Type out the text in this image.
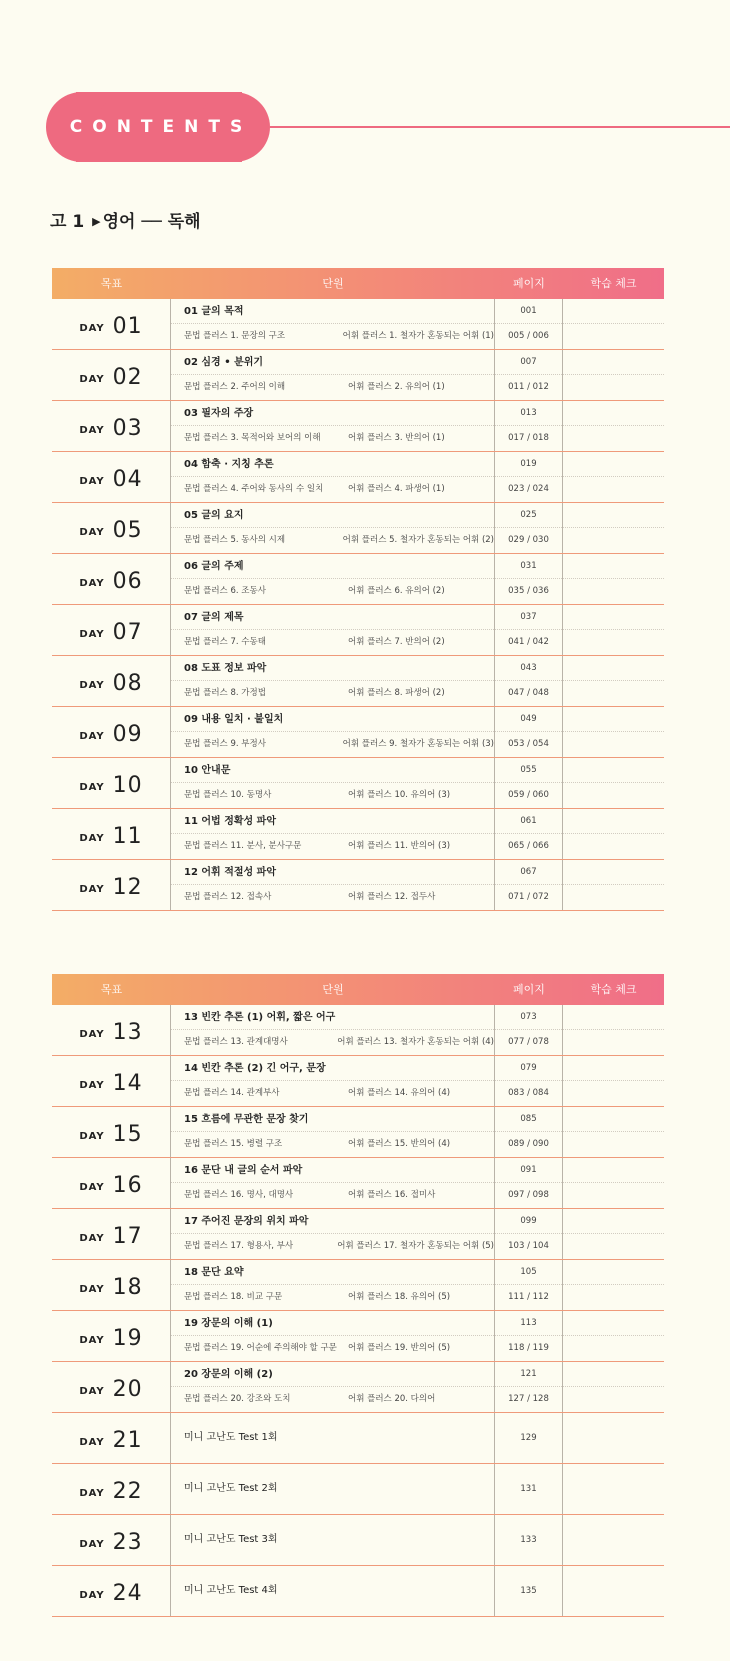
CONTENTS
고 1 ▶ 영어 ── 독해
목표	단원	페이지	학습 체크
DAY 01
01 글의 목적
문법 플러스 1. 문장의 구조	어휘 플러스 1. 철자가 혼동되는 어휘 (1)
001
005 / 006
DAY 02
02 심경 • 분위기
문법 플러스 2. 주어의 이해	어휘 플러스 2. 유의어 (1)
007
011 / 012
DAY 03
03 필자의 주장
문법 플러스 3. 목적어와 보어의 이해	어휘 플러스 3. 반의어 (1)
013
017 / 018
DAY 04
04 함축 · 지칭 추론
문법 플러스 4. 주어와 동사의 수 일치	어휘 플러스 4. 파생어 (1)
019
023 / 024
DAY 05
05 글의 요지
문법 플러스 5. 동사의 시제	어휘 플러스 5. 철자가 혼동되는 어휘 (2)
025
029 / 030
DAY 06
06 글의 주제
문법 플러스 6. 조동사	어휘 플러스 6. 유의어 (2)
031
035 / 036
DAY 07
07 글의 제목
문법 플러스 7. 수동태	어휘 플러스 7. 반의어 (2)
037
041 / 042
DAY 08
08 도표 정보 파악
문법 플러스 8. 가정법	어휘 플러스 8. 파생어 (2)
043
047 / 048
DAY 09
09 내용 일치 · 불일치
문법 플러스 9. 부정사	어휘 플러스 9. 철자가 혼동되는 어휘 (3)
049
053 / 054
DAY 10
10 안내문
문법 플러스 10. 동명사	어휘 플러스 10. 유의어 (3)
055
059 / 060
DAY 11
11 어법 정확성 파악
문법 플러스 11. 분사, 분사구문	어휘 플러스 11. 반의어 (3)
061
065 / 066
DAY 12
12 어휘 적절성 파악
문법 플러스 12. 접속사	어휘 플러스 12. 접두사
067
071 / 072
목표	단원	페이지	학습 체크
DAY 13
13 빈칸 추론 (1) 어휘, 짧은 어구
문법 플러스 13. 관계대명사	어휘 플러스 13. 철자가 혼동되는 어휘 (4)
073
077 / 078
DAY 14
14 빈칸 추론 (2) 긴 어구, 문장
문법 플러스 14. 관계부사	어휘 플러스 14. 유의어 (4)
079
083 / 084
DAY 15
15 흐름에 무관한 문장 찾기
문법 플러스 15. 병렬 구조	어휘 플러스 15. 반의어 (4)
085
089 / 090
DAY 16
16 문단 내 글의 순서 파악
문법 플러스 16. 명사, 대명사	어휘 플러스 16. 접미사
091
097 / 098
DAY 17
17 주어진 문장의 위치 파악
문법 플러스 17. 형용사, 부사	어휘 플러스 17. 철자가 혼동되는 어휘 (5)
099
103 / 104
DAY 18
18 문단 요약
문법 플러스 18. 비교 구문	어휘 플러스 18. 유의어 (5)
105
111 / 112
DAY 19
19 장문의 이해 (1)
문법 플러스 19. 어순에 주의해야 할 구문	어휘 플러스 19. 반의어 (5)
113
118 / 119
DAY 20
20 장문의 이해 (2)
문법 플러스 20. 강조와 도치	어휘 플러스 20. 다의어
121
127 / 128
DAY 21	미니 고난도 Test 1회	129
DAY 22	미니 고난도 Test 2회	131
DAY 23	미니 고난도 Test 3회	133
DAY 24	미니 고난도 Test 4회	135
